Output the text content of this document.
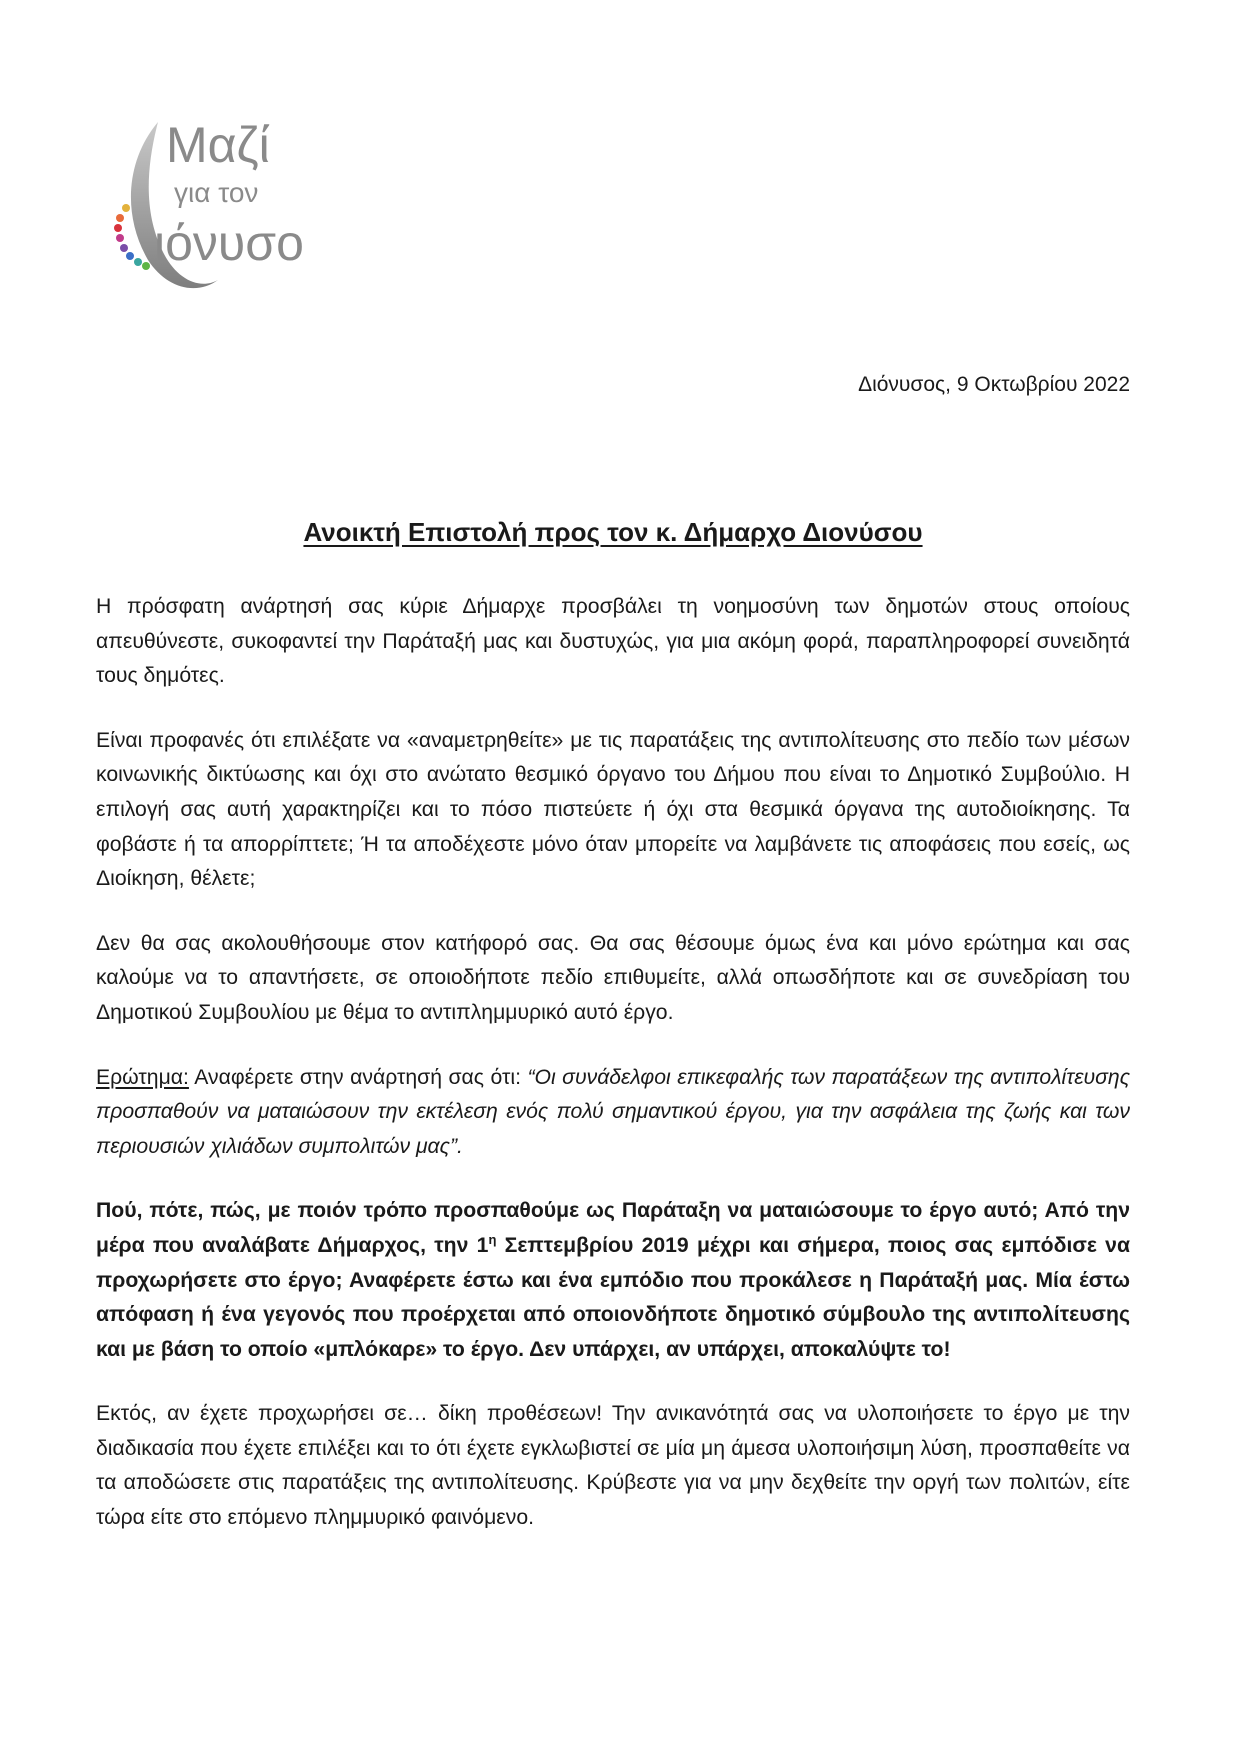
Μαζί
για τον
ιόνυσο
Διόνυσος, 9 Οκτωβρίου 2022
Ανοικτή Επιστολή προς τον κ. Δήμαρχο Διονύσου

Η πρόσφατη ανάρτησή σας κύριε Δήμαρχε προσβάλει τη νοημοσύνη των δημοτών στους οποίους απευθύνεστε, συκοφαντεί την Παράταξή μας και δυστυχώς, για μια ακόμη φορά, παραπληροφορεί συνειδητά τους δημότες.

Είναι προφανές ότι επιλέξατε να «αναμετρηθείτε» με τις παρατάξεις της αντιπολίτευσης στο πεδίο των μέσων κοινωνικής δικτύωσης και όχι στο ανώτατο θεσμικό όργανο του Δήμου που είναι το Δημοτικό Συμβούλιο. Η επιλογή σας αυτή χαρακτηρίζει και το πόσο πιστεύετε ή όχι στα θεσμικά όργανα της αυτοδιοίκησης. Τα φοβάστε ή τα απορρίπτετε; Ή τα αποδέχεστε μόνο όταν μπορείτε να λαμβάνετε τις αποφάσεις που εσείς, ως Διοίκηση, θέλετε;

Δεν θα σας ακολουθήσουμε στον κατήφορό σας. Θα σας θέσουμε όμως ένα και μόνο ερώτημα και σας καλούμε να το απαντήσετε, σε οποιοδήποτε πεδίο επιθυμείτε, αλλά οπωσδήποτε και σε συνεδρίαση του Δημοτικού Συμβουλίου με θέμα το αντιπλημμυρικό αυτό έργο.

Ερώτημα: Αναφέρετε στην ανάρτησή σας ότι: “Οι συνάδελφοι επικεφαλής των παρατάξεων της αντιπολίτευσης προσπαθούν να ματαιώσουν την εκτέλεση ενός πολύ σημαντικού έργου, για την ασφάλεια της ζωής και των περιουσιών χιλιάδων συμπολιτών μας”.

Πού, πότε, πώς, με ποιόν τρόπο προσπαθούμε ως Παράταξη να ματαιώσουμε το έργο αυτό; Από την μέρα που αναλάβατε Δήμαρχος, την $1^\eta$ Σεπτεμβρίου 2019 μέχρι και σήμερα, ποιος σας εμπόδισε να προχωρήσετε στο έργο; Αναφέρετε έστω και ένα εμπόδιο που προκάλεσε η Παράταξή μας. Μία έστω απόφαση ή ένα γεγονός που προέρχεται από οποιονδήποτε δημοτικό σύμβουλο της αντιπολίτευσης και με βάση το οποίο «μπλόκαρε» το έργο. Δεν υπάρχει, αν υπάρχει, αποκαλύψτε το!

Εκτός, αν έχετε προχωρήσει σε… δίκη προθέσεων! Την ανικανότητά σας να υλοποιήσετε το έργο με την διαδικασία που έχετε επιλέξει και το ότι έχετε εγκλωβιστεί σε μία μη άμεσα υλοποιήσιμη λύση, προσπαθείτε να τα αποδώσετε στις παρατάξεις της αντιπολίτευσης. Κρύβεστε για να μην δεχθείτε την οργή των πολιτών, είτε τώρα είτε στο επόμενο πλημμυρικό φαινόμενο.
